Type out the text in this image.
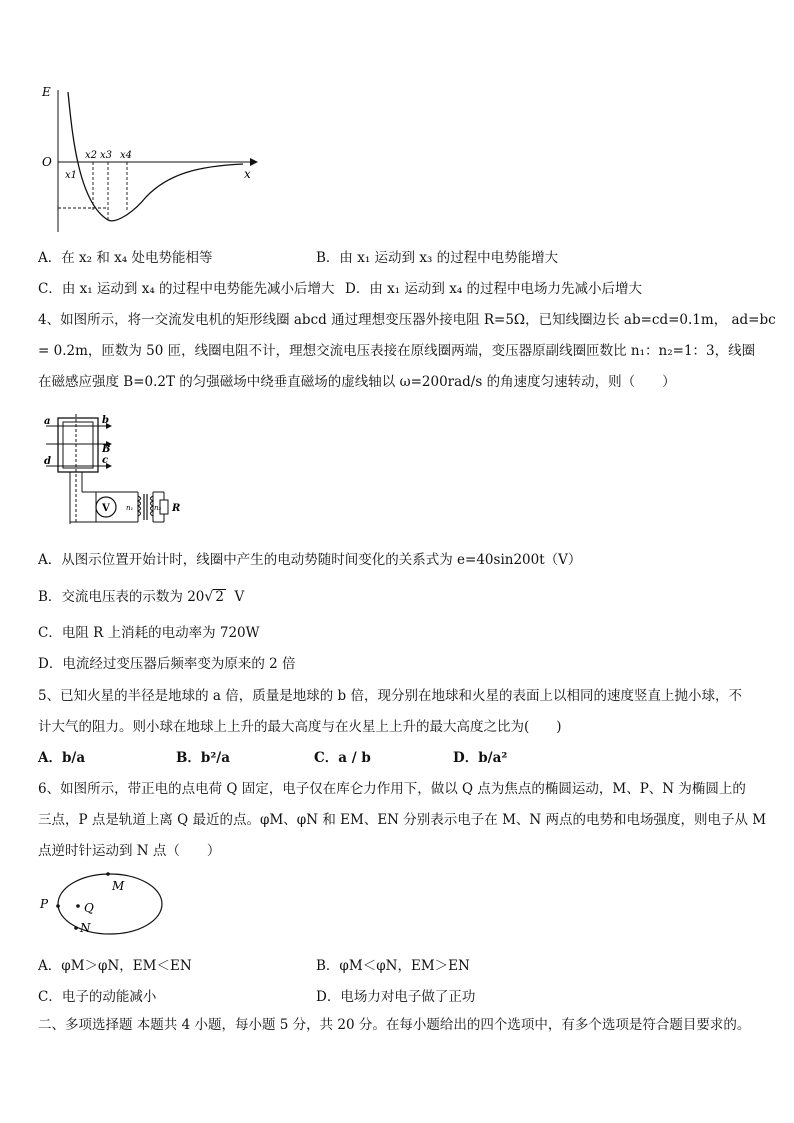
E
x
O
x1
x2 x3 x4
A．在 x₂ 和 x₄ 处电势能相等	B．由 x₁ 运动到 x₃ 的过程中电势能增大
C．由 x₁ 运动到 x₄ 的过程中电势能先减小后增大 D．由 x₁ 运动到 x₄ 的过程中电场力先减小后增大
4、如图所示，将一交流发电机的矩形线圈 abcd 通过理想变压器外接电阻 R=5Ω，已知线圈边长 ab=cd=0.1m， ad=bc
= 0.2m，匝数为 50 匝，线圈电阻不计，理想交流电压表接在原线圈两端，变压器原副线圈匝数比 n₁：n₂=1：3，线圈
在磁感应强度 B=0.2T 的匀强磁场中绕垂直磁场的虚线轴以 ω=200rad/s 的角速度匀速转动，则（　　）
a	b
B
d	c
V n₁	n₂ R
A．从图示位置开始计时，线圈中产生的电动势随时间变化的关系式为 e=40sin200t（V）
B．交流电压表的示数为 20√ 2 V
C．电阻 R 上消耗的电动率为 720W
D．电流经过变压器后频率变为原来的 2 倍
5、已知火星的半径是地球的 a 倍，质量是地球的 b 倍，现分别在地球和火星的表面上以相同的速度竖直上抛小球，不
计大气的阻力。则小球在地球上上升的最大高度与在火星上上升的最大高度之比为(　　)
A．b/a	B．b²/a	C．a / b	D．b/a²
6、如图所示，带正电的点电荷 Q 固定，电子仅在库仑力作用下，做以 Q 点为焦点的椭圆运动，M、P、N 为椭圆上的
三点，P 点是轨道上离 Q 最近的点。φM、φN 和 EM、EN 分别表示电子在 M、N 两点的电势和电场强度，则电子从 M
点逆时针运动到 N 点（　　）
P	Q
M
N
A．φM＞φN，EM＜EN	B．φM＜φN，EM＞EN
C．电子的动能减小	D．电场力对电子做了正功
二、多项选择题 本题共 4 小题，每小题 5 分，共 20 分。在每小题给出的四个选项中，有多个选项是符合题目要求的。
